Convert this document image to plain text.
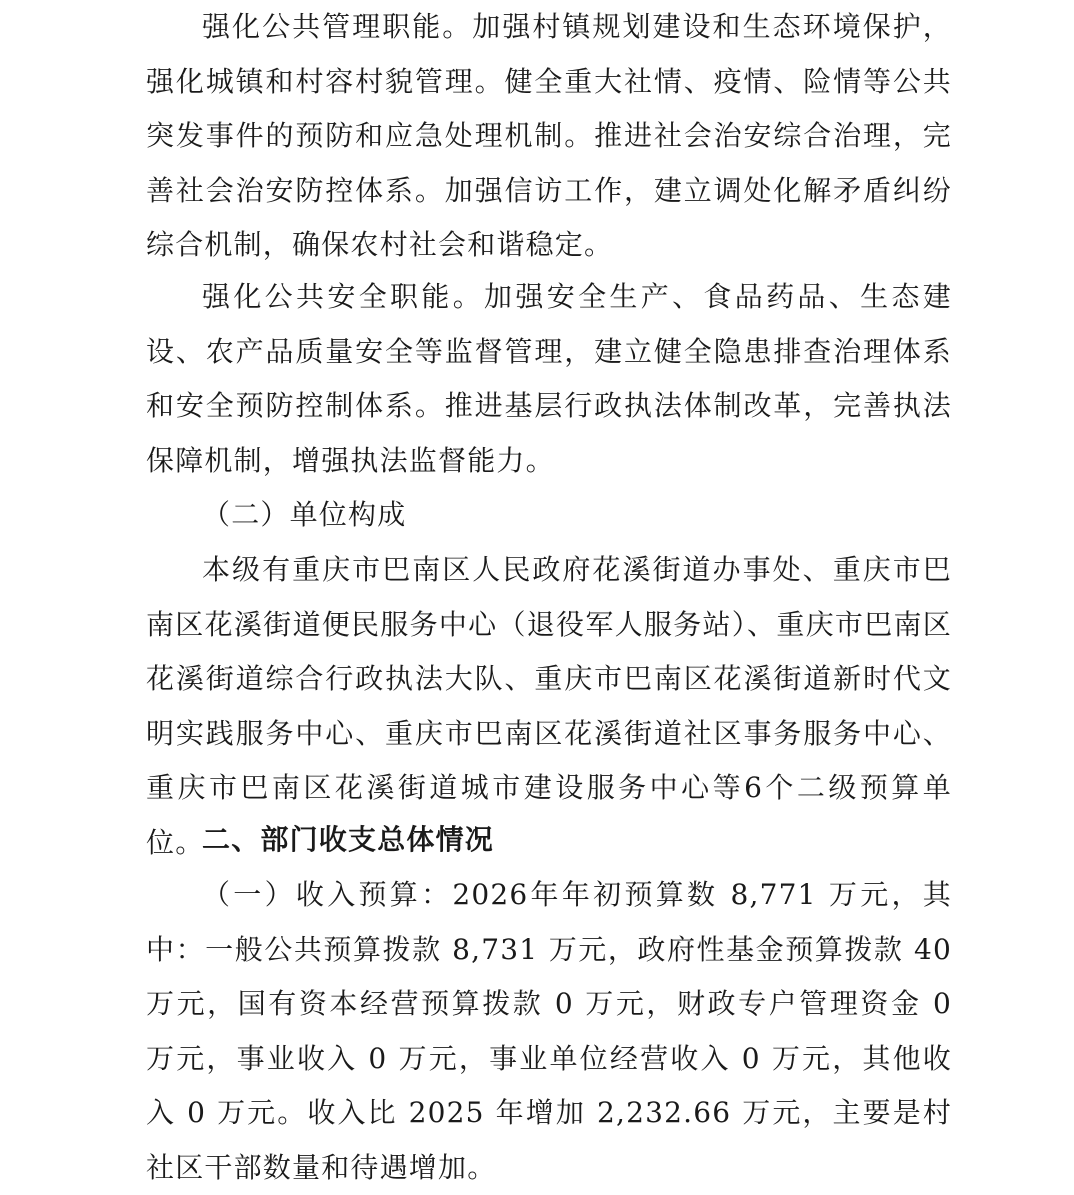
强化公共管理职能。加强村镇规划建设和生态环境保护，强化城镇和村容村貌管理。健全重大社情、疫情、险情等公共突发事件的预防和应急处理机制。推进社会治安综合治理，完善社会治安防控体系。加强信访工作，建立调处化解矛盾纠纷综合机制，确保农村社会和谐稳定。

强化公共安全职能。加强安全生产、食品药品、生态建设、农产品质量安全等监督管理，建立健全隐患排查治理体系和安全预防控制体系。推进基层行政执法体制改革，完善执法保障机制，增强执法监督能力。

（二）单位构成

本级有重庆市巴南区人民政府花溪街道办事处、重庆市巴南区花溪街道便民服务中心（退役军人服务站）、重庆市巴南区花溪街道综合行政执法大队、重庆市巴南区花溪街道新时代文明实践服务中心、重庆市巴南区花溪街道社区事务服务中心、重庆市巴南区花溪街道城市建设服务中心等6个二级预算单位。

二、部门收支总体情况

（一）收入预算：2026年年初预算数 8,771 万元，其中：一般公共预算拨款 8,731 万元，政府性基金预算拨款 40 万元，国有资本经营预算拨款 0 万元，财政专户管理资金 0 万元，事业收入 0 万元，事业单位经营收入 0 万元，其他收入 0 万元。收入比 2025 年增加 2,232.66 万元，主要是村社区干部数量和待遇增加。
